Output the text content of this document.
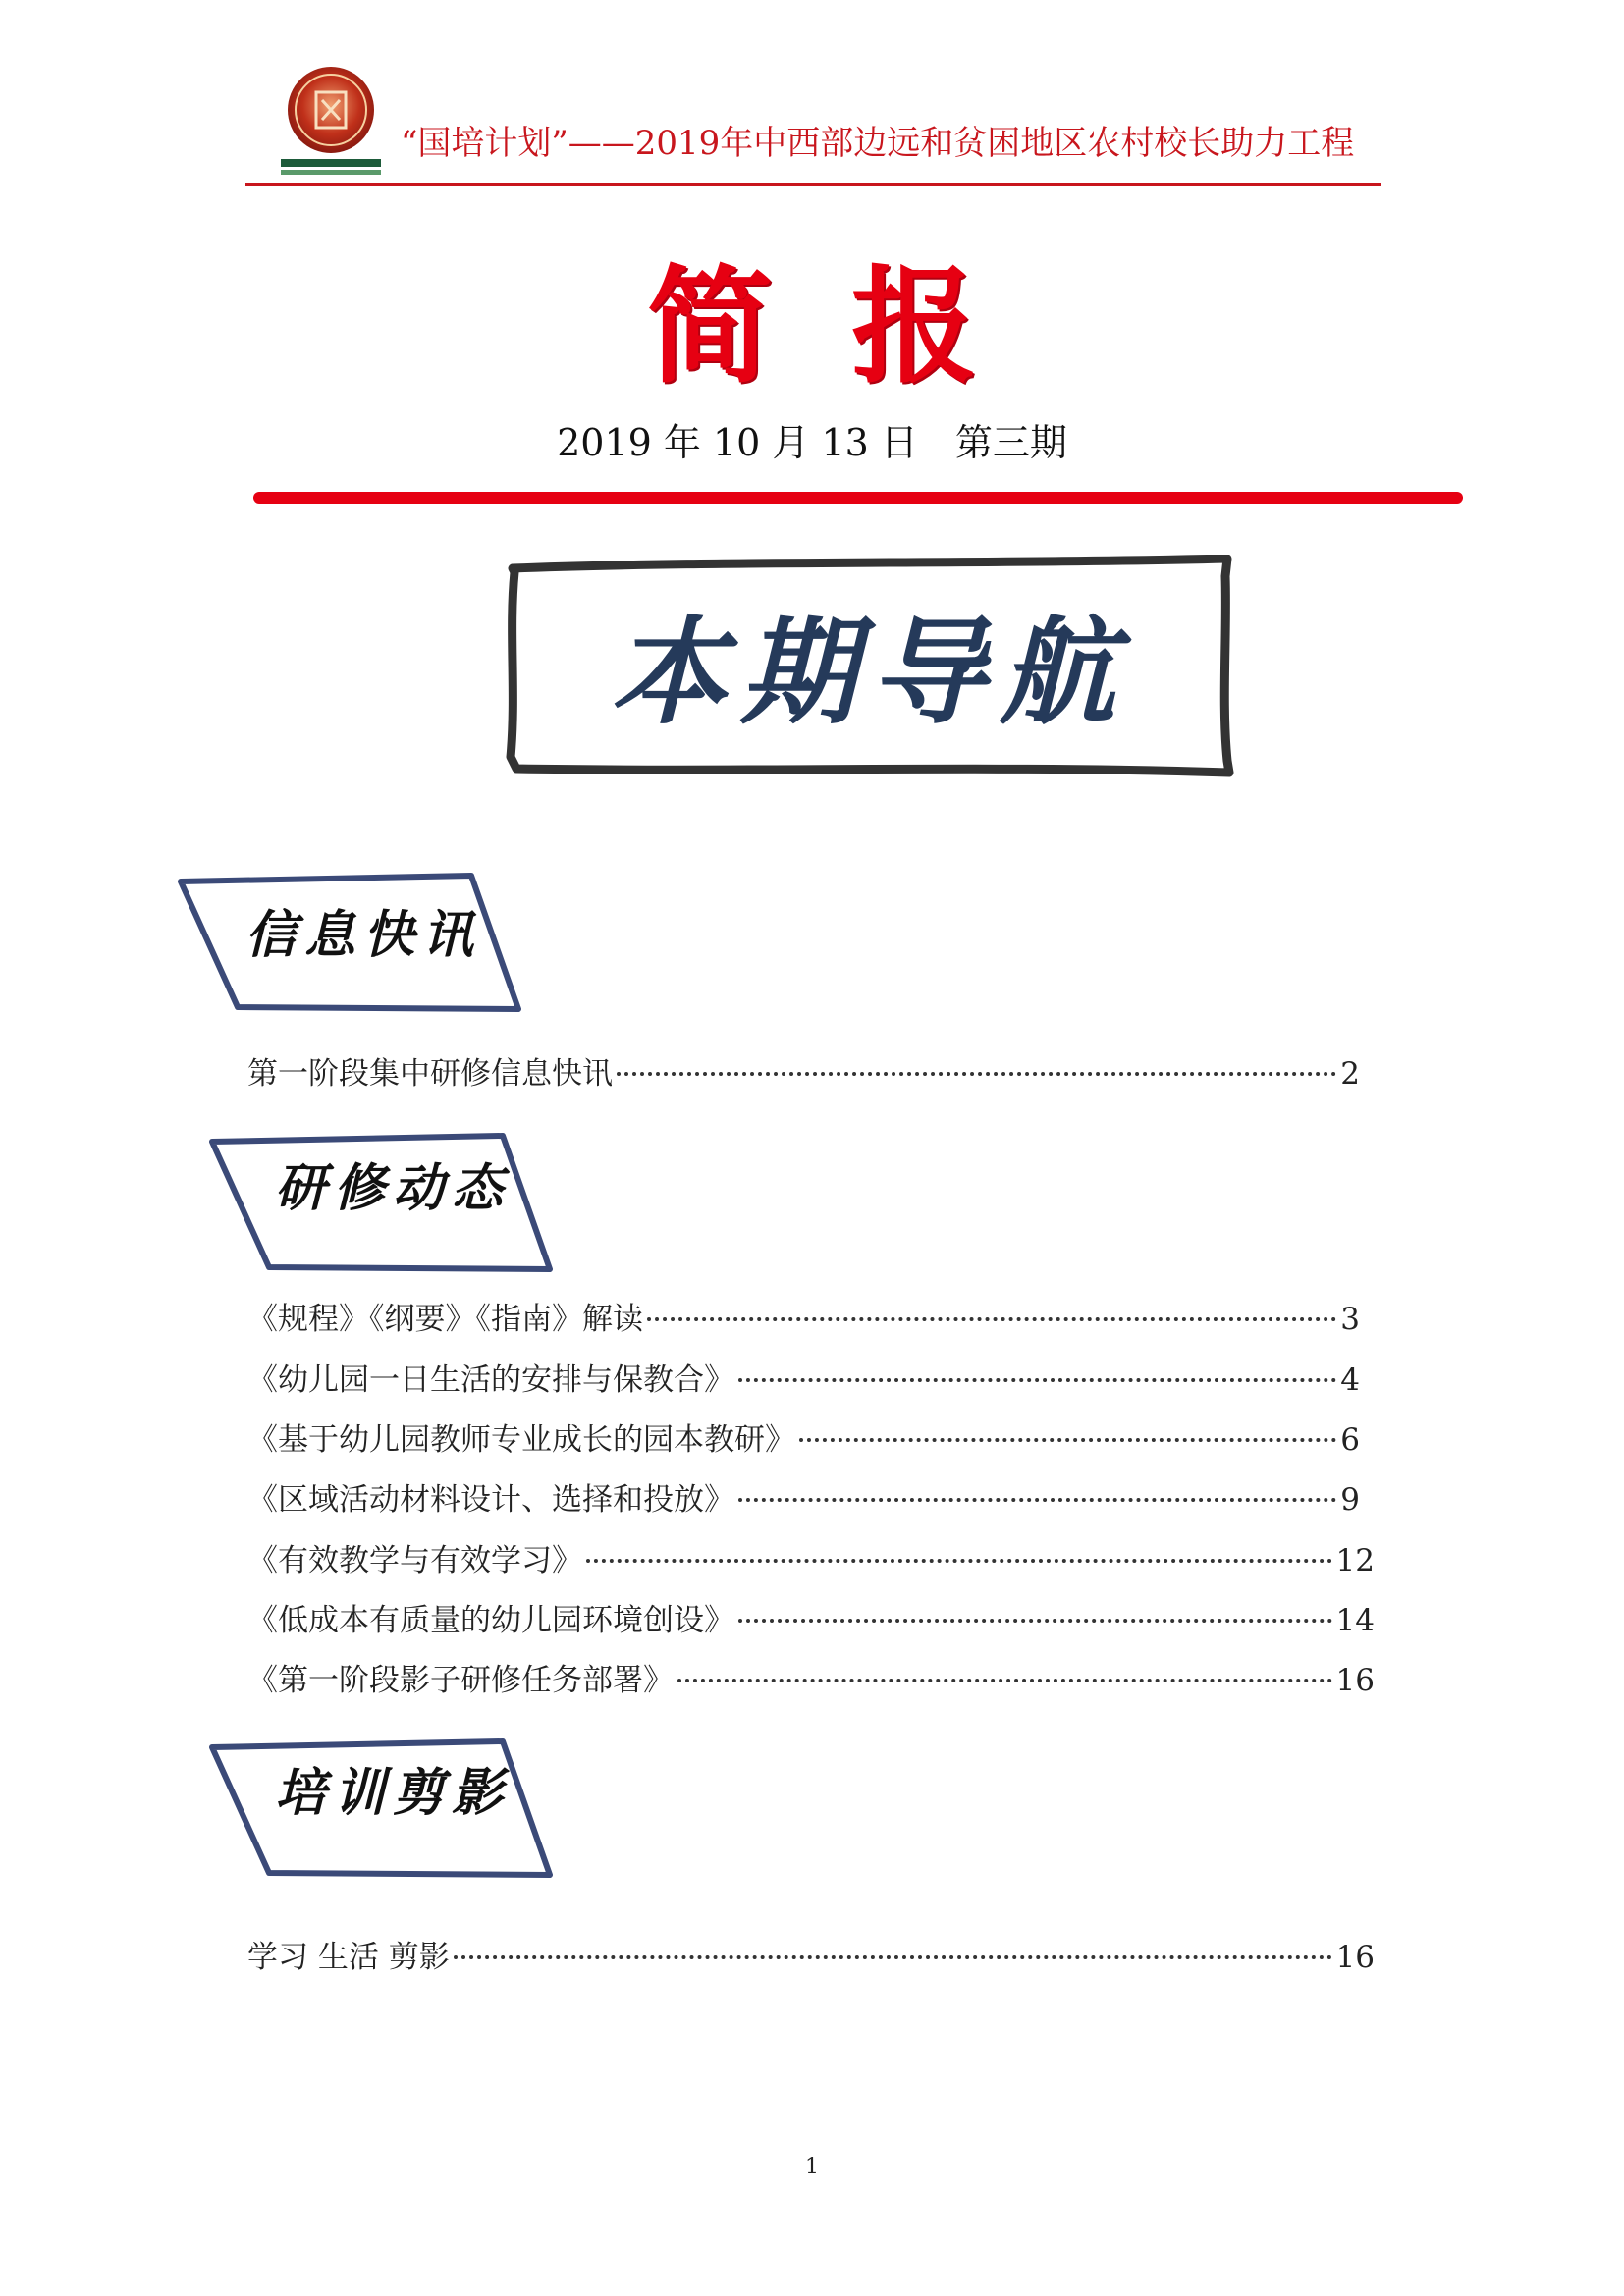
“国培计划”——2019年中西部边远和贫困地区农村校长助力工程
简报
2019 年 10 月 13 日　第三期
本期导航
信息快讯
第一阶段集中研修信息快讯	2
研修动态
《规程》《纲要》《指南》解读	3
《幼儿园一日生活的安排与保教合》	4
《基于幼儿园教师专业成长的园本教研》	6
《区域活动材料设计、选择和投放》	9
《有效教学与有效学习》	12
《低成本有质量的幼儿园环境创设》	14
《第一阶段影子研修任务部署》	16
培训剪影
学习 生活 剪影	16
1
